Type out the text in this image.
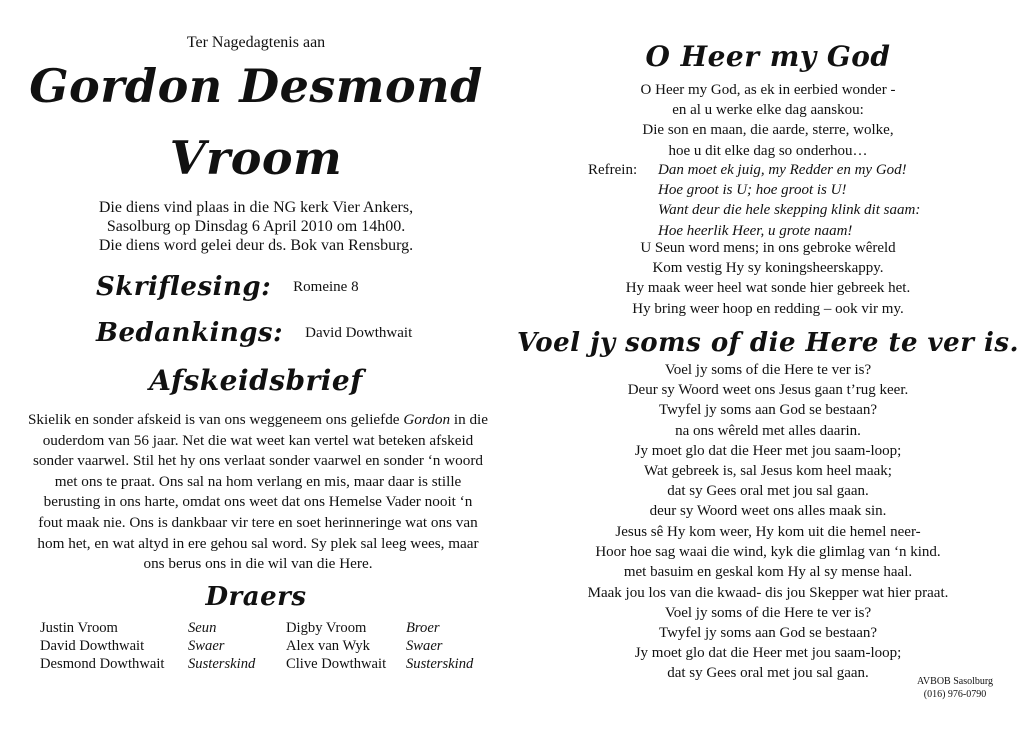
Ter Nagedagtenis aan
Gordon Desmond
Vroom
Die diens vind plaas in die NG kerk Vier Ankers,
Sasolburg op Dinsdag 6 April 2010 om 14h00.
Die diens word gelei deur ds. Bok van Rensburg.
Skriflesing: Romeine 8
Bedankings: David Dowthwait
Afskeidsbrief
Skielik en sonder afskeid is van ons weggeneem ons geliefde Gordon in die
ouderdom van 56 jaar. Net die wat weet kan vertel wat beteken afskeid
sonder vaarwel. Stil het hy ons verlaat sonder vaarwel en sonder ‘n woord
met ons te praat. Ons sal na hom verlang en mis, maar daar is stille
berusting in ons harte, omdat ons weet dat ons Hemelse Vader nooit ‘n
fout maak nie. Ons is dankbaar vir tere en soet herinneringe wat ons van
hom het, en wat altyd in ere gehou sal word. Sy plek sal leeg wees, maar
ons berus ons in die wil van die Here.
Draers
Justin Vroom	Seun	Digby Vroom	Broer
David Dowthwait	Swaer	Alex van Wyk	Swaer
Desmond Dowthwait	Susterskind	Clive Dowthwait	Susterskind
O Heer my God
O Heer my God, as ek in eerbied wonder -
en al u werke elke dag aanskou:
Die son en maan, die aarde, sterre, wolke,
hoe u dit elke dag so onderhou…
Refrein:	Dan moet ek juig, my Redder en my God!
Hoe groot is U; hoe groot is U!
Want deur die hele skepping klink dit saam:
Hoe heerlik Heer, u grote naam!
U Seun word mens; in ons gebroke wêreld
Kom vestig Hy sy koningsheerskappy.
Hy maak weer heel wat sonde hier gebreek het.
Hy bring weer hoop en redding – ook vir my.
Voel jy soms of die Here te ver is.
Voel jy soms of die Here te ver is?
Deur sy Woord weet ons Jesus gaan t’rug keer.
Twyfel jy soms aan God se bestaan?
na ons wêreld met alles daarin.
Jy moet glo dat die Heer met jou saam-loop;
Wat gebreek is, sal Jesus kom heel maak;
dat sy Gees oral met jou sal gaan.
deur sy Woord weet ons alles maak sin.
Jesus sê Hy kom weer, Hy kom uit die hemel neer-
Hoor hoe sag waai die wind, kyk die glimlag van ‘n kind.
met basuim en geskal kom Hy al sy mense haal.
Maak jou los van die kwaad- dis jou Skepper wat hier praat.
Voel jy soms of die Here te ver is?
Twyfel jy soms aan God se bestaan?
Jy moet glo dat die Heer met jou saam-loop;
dat sy Gees oral met jou sal gaan.
AVBOB Sasolburg
(016) 976-0790
